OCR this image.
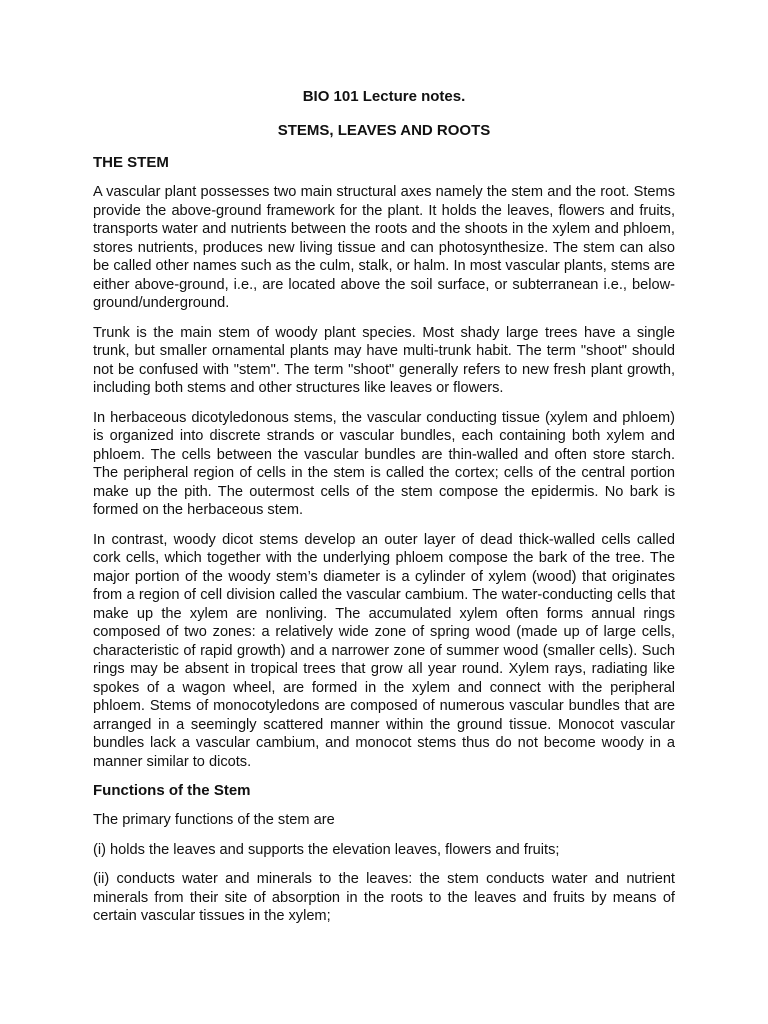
BIO 101 Lecture notes.
STEMS, LEAVES AND ROOTS
THE STEM

A vascular plant possesses two main structural axes namely the stem and the root. Stems provide the above-ground framework for the plant. It holds the leaves, flowers and fruits, transports water and nutrients between the roots and the shoots in the xylem and phloem, stores nutrients, produces new living tissue and can photosynthesize. The stem can also be called other names such as the culm, stalk, or halm. In most vascular plants, stems are either above-ground, i.e., are located above the soil surface, or subterranean i.e., below-ground/underground.

Trunk is the main stem of woody plant species. Most shady large trees have a single trunk, but smaller ornamental plants may have multi-trunk habit. The term "shoot" should not be confused with "stem". The term "shoot" generally refers to new fresh plant growth, including both stems and other structures like leaves or flowers.

In herbaceous dicotyledonous stems, the vascular conducting tissue (xylem and phloem) is organized into discrete strands or vascular bundles, each containing both xylem and phloem. The cells between the vascular bundles are thin-walled and often store starch. The peripheral region of cells in the stem is called the cortex; cells of the central portion make up the pith. The outermost cells of the stem compose the epidermis. No bark is formed on the herbaceous stem.

In contrast, woody dicot stems develop an outer layer of dead thick-walled cells called cork cells, which together with the underlying phloem compose the bark of the tree. The major portion of the woody stem’s diameter is a cylinder of xylem (wood) that originates from a region of cell division called the vascular cambium. The water-conducting cells that make up the xylem are nonliving. The accumulated xylem often forms annual rings composed of two zones: a relatively wide zone of spring wood (made up of large cells, characteristic of rapid growth) and a narrower zone of summer wood (smaller cells). Such rings may be absent in tropical trees that grow all year round. Xylem rays, radiating like spokes of a wagon wheel, are formed in the xylem and connect with the peripheral phloem. Stems of monocotyledons are composed of numerous vascular bundles that are arranged in a seemingly scattered manner within the ground tissue. Monocot vascular bundles lack a vascular cambium, and monocot stems thus do not become woody in a manner similar to dicots.

Functions of the Stem

The primary functions of the stem are

(i) holds the leaves and supports the elevation leaves, flowers and fruits;

(ii) conducts water and minerals to the leaves: the stem conducts water and nutrient minerals from their site of absorption in the roots to the leaves and fruits by means of certain vascular tissues in the xylem;
